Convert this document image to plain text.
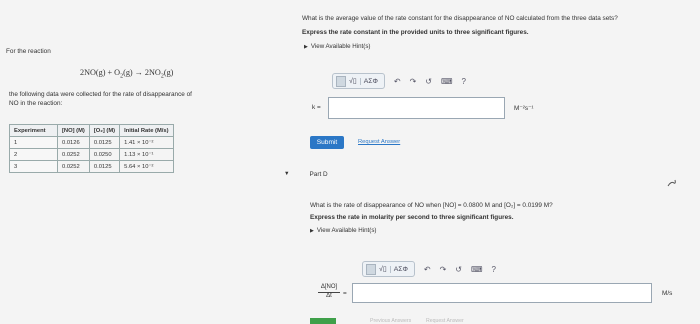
For the reaction
$2NO(g) + O_2(g) \to 2NO_2(g)$
the following data were collected for the rate of disappearance of
NO in the reaction:
Experiment	[NO] (M)	[O₂] (M)	Initial Rate (M/s)
1	0.0126	0.0125	1.41 × 10⁻²
2	0.0252	0.0250	1.13 × 10⁻¹
3	0.0252	0.0125	5.64 × 10⁻²
What is the average value of the rate constant for the disappearance of NO calculated from the three data sets?
Express the rate constant in the provided units to three significant figures.
▶ View Available Hint(s)
√▯	ΑΣΦ	↶ ↷ ↺ ⌨ ?
k =	M⁻²s⁻¹
Submit	Request Answer
▼	Part D
What is the rate of disappearance of NO when [NO] = 0.0800 M and [O₂] = 0.0199 M?
Express the rate in molarity per second to three significant figures.
▶ View Available Hint(s)
√▯	ΑΣΦ	↶ ↷ ↺ ⌨ ?
$\frac{\Delta[NO]}{\Delta t}$ =	M/s
Previous Answers	Request Answer
